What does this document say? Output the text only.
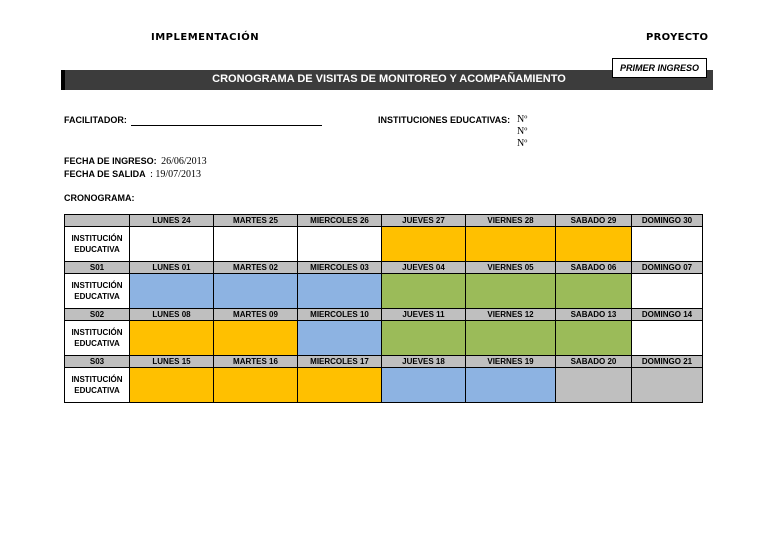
IMPLEMENTACIÓN	PROYECTO
PRIMER INGRESO
CRONOGRAMA DE VISITAS DE MONITOREO Y ACOMPAÑAMIENTO
FACILITADOR:	INSTITUCIONES EDUCATIVAS: Nº
Nº
Nº
FECHA DE INGRESO: 26/06/2013
FECHA DE SALIDA : 19/07/2013
CRONOGRAMA:
	LUNES 24	MARTES 25	MIERCOLES 26	JUEVES 27	VIERNES 28	SABADO 29	DOMINGO 30
INSTITUCIÓN EDUCATIVA							
S01	LUNES 01	MARTES 02	MIERCOLES 03	JUEVES 04	VIERNES 05	SABADO 06	DOMINGO 07
INSTITUCIÓN EDUCATIVA							
S02	LUNES 08	MARTES 09	MIERCOLES 10	JUEVES 11	VIERNES 12	SABADO 13	DOMINGO 14
INSTITUCIÓN EDUCATIVA							
S03	LUNES 15	MARTES 16	MIERCOLES 17	JUEVES 18	VIERNES 19	SABADO 20	DOMINGO 21
INSTITUCIÓN EDUCATIVA							
